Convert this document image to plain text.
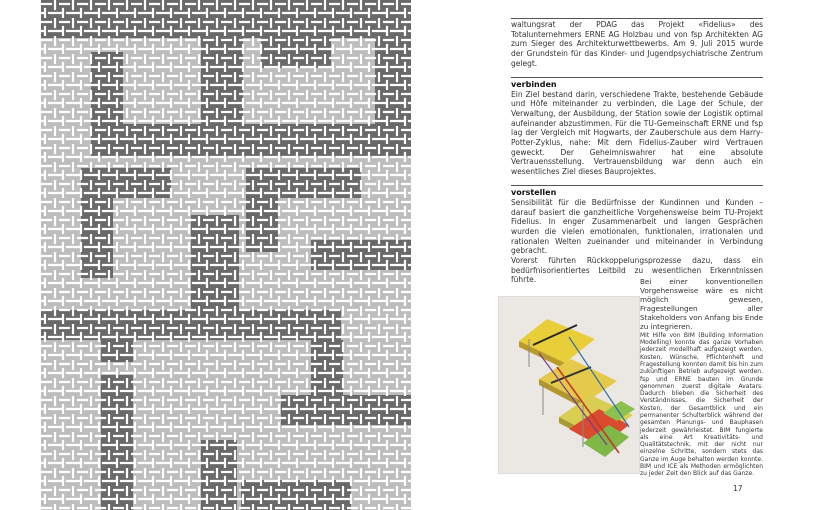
waltungsrat der PDAG das Projekt «Fidelius» des Totalunternehmers ERNE AG Holzbau und von fsp Architekten AG zum Sieger des Architekturwettbewerbs. Am 9. Juli 2015 wurde der Grundstein für das Kinder- und Jugendpsychiatrische Zentrum gelegt.

verbinden

Ein Ziel bestand darin, verschiedene Trakte, bestehende Gebäude und Höfe miteinander zu verbinden, die Lage der Schule, der Verwaltung, der Ausbildung, der Station sowie der Logistik optimal aufeinander abzustimmen. Für die TU-Gemeinschaft ERNE und fsp lag der Vergleich mit Hogwarts, der Zauberschule aus dem Harry-Potter-Zyklus, nahe: Mit dem Fidelius-Zauber wird Vertrauen geweckt. Der Geheimniswahrer hat eine absolute Vertrauensstellung. Vertrauensbildung war denn auch ein wesentliches Ziel dieses Bauprojektes.

vorstellen

Sensibilität für die Bedürfnisse der Kundinnen und Kunden – darauf basiert die ganzheitliche Vorgehensweise beim TU-Projekt Fidelius. In enger Zusammenarbeit und langen Gesprächen wurden die vielen emotionalen, funktionalen, irrationalen und rationalen Welten zueinander und miteinander in Verbindung gebracht.

Vorerst führten Rückkoppelungsprozesse dazu, dass ein bedürfnisorientiertes Leitbild zu wesentlichen Erkenntnissen führte.	Bei einer konventionellen Vorgehensweise wäre es nicht möglich gewesen, Fragestellungen aller Stakeholders von Anfang bis Ende zu integrieren.

Mit Hilfe von BIM (Building Information Modelling) konnte das ganze Vorhaben jederzeit modellhaft aufgezeigt werden. Kosten, Wünsche, Pflichtenheft und Fragestellung konnten damit bis hin zum zukünftigen Betrieb aufgezeigt werden. fsp und ERNE bauten im Grunde genommen zuerst digitale Avatars. Dadurch blieben die Sicherheit des Verständnisses, die Sicherheit der Kosten, der Gesamtblick und ein permanenter Schulterblick während der gesamten Planungs- und Bauphasen jederzeit gewährleistet. BIM fungierte als eine Art Kreativitäts- und Qualitätstechnik, mit der nicht nur einzelne Schritte, sondern stets das Ganze im Auge behalten werden konnte. BIM und ICE als Methoden ermöglichten zu jeder Zeit den Blick auf das Ganze.

17
